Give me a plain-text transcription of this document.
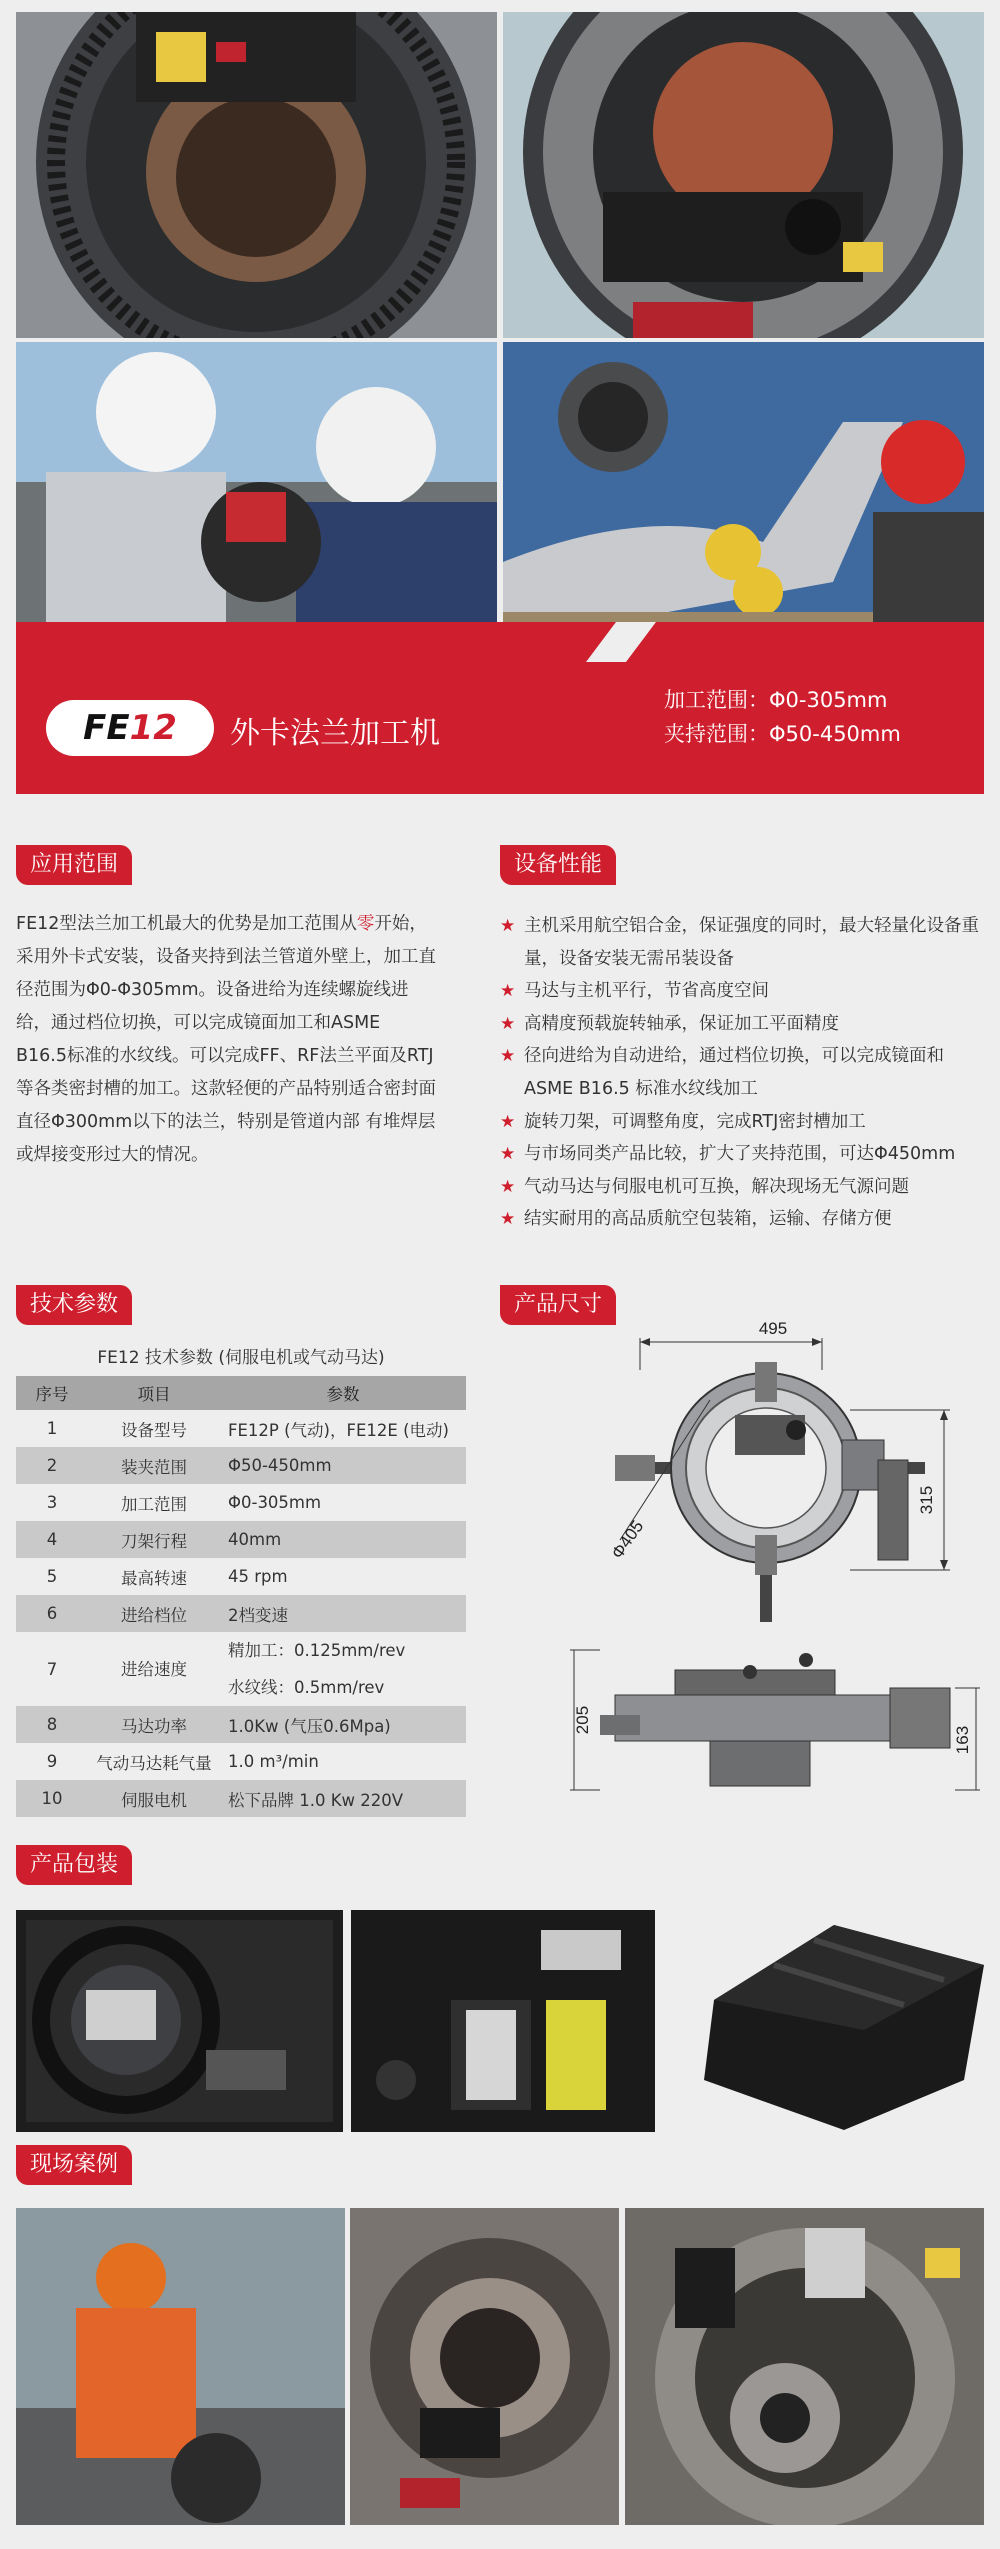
FE 12 外卡法兰加工机
加工范围：Φ0-305mm
夹持范围：Φ50-450mm
应用范围	设备性能
FE12型法兰加工机最大的优势是加工范围从零开始，采用外卡式安装，设备夹持到法兰管道外壁上，加工直径范围为Φ0-Φ305mm。设备进给为连续螺旋线进给，通过档位切换，可以完成镜面加工和ASME B16.5标准的水纹线。可以完成FF、RF法兰平面及RTJ等各类密封槽的加工。这款轻便的产品特别适合密封面直径Φ300mm以下的法兰，特别是管道内部 有堆焊层或焊接变形过大的情况。
★ 主机采用航空铝合金，保证强度的同时，最大轻量化设备重量，设备安装无需吊装设备
★ 马达与主机平行，节省高度空间
★ 高精度预载旋转轴承，保证加工平面精度
★ 径向进给为自动进给，通过档位切换，可以完成镜面和ASME B16.5 标准水纹线加工
★ 旋转刀架，可调整角度，完成RTJ密封槽加工
★ 与市场同类产品比较，扩大了夹持范围，可达Φ450mm
★ 气动马达与伺服电机可互换，解决现场无气源问题
★ 结实耐用的高品质航空包装箱，运输、存储方便
技术参数	产品尺寸
FE12 技术参数 (伺服电机或气动马达)
序号	项目	参数
1	设备型号	FE12P (气动)，FE12E (电动)
2	装夹范围	Φ50-450mm
3	加工范围	Φ0-305mm
4	刀架行程	40mm
5	最高转速	45 rpm
6	进给档位	2档变速
7	进给速度	精加工：0.125mm/rev
水纹线：0.5mm/rev

8	马达功率	1.0Kw (气压0.6Mpa)
9	气动马达耗气量	1.0 m³/min
10	伺服电机	松下品牌 1.0 Kw 220V
495
Φ405
315
205
163
产品包装
现场案例
